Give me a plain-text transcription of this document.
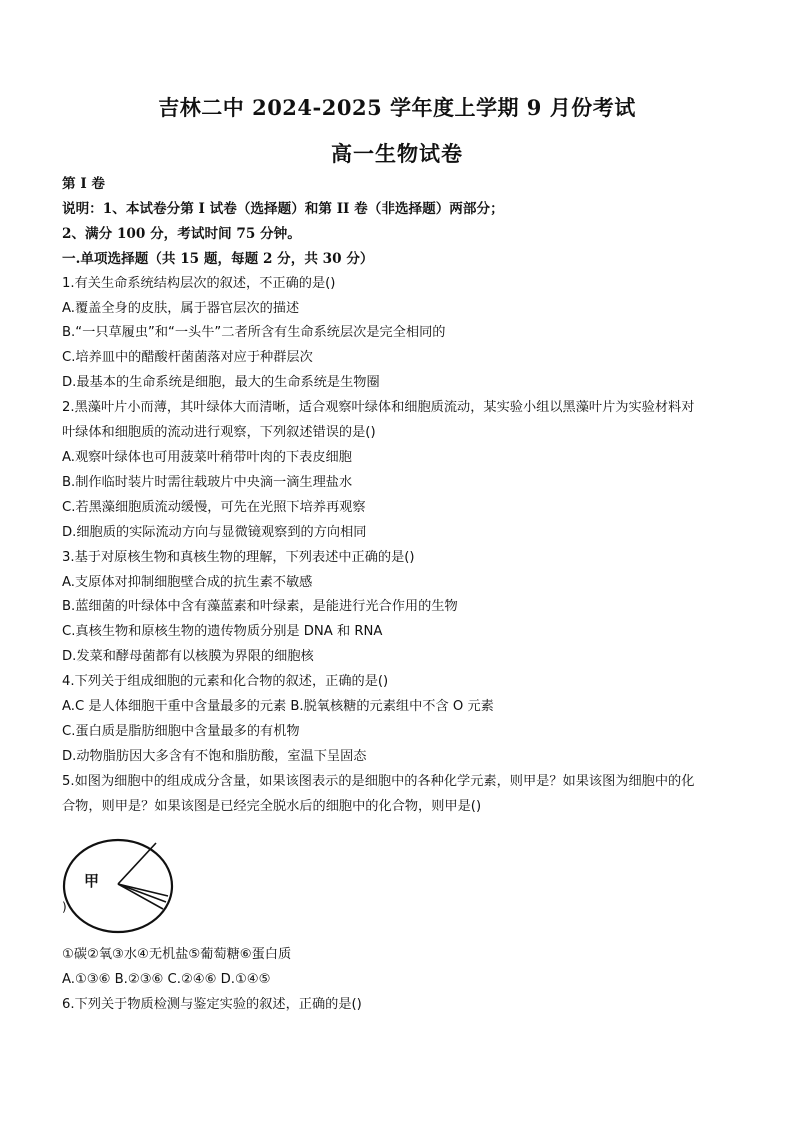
吉林二中 2024-2025 学年度上学期 9 月份考试
高一生物试卷
第 I 卷
说明：1、本试卷分第 I 试卷（选择题）和第 II 卷（非选择题）两部分；
2、满分 100 分，考试时间 75 分钟。
一.单项选择题（共 15 题，每题 2 分，共 30 分）
1.有关生命系统结构层次的叙述，不正确的是()
A.覆盖全身的皮肤，属于器官层次的描述
B.“一只草履虫”和“一头牛”二者所含有生命系统层次是完全相同的
C.培养皿中的醋酸杆菌菌落对应于种群层次
D.最基本的生命系统是细胞，最大的生命系统是生物圈
2.黑藻叶片小而薄，其叶绿体大而清晰，适合观察叶绿体和细胞质流动，某实验小组以黑藻叶片为实验材料对
叶绿体和细胞质的流动进行观察，下列叙述错误的是()
A.观察叶绿体也可用菠菜叶稍带叶肉的下表皮细胞
B.制作临时装片时需往载玻片中央滴一滴生理盐水
C.若黑藻细胞质流动缓慢，可先在光照下培养再观察
D.细胞质的实际流动方向与显微镜观察到的方向相同
3.基于对原核生物和真核生物的理解，下列表述中正确的是()
A.支原体对抑制细胞壁合成的抗生素不敏感
B.蓝细菌的叶绿体中含有藻蓝素和叶绿素，是能进行光合作用的生物
C.真核生物和原核生物的遗传物质分别是 DNA 和 RNA
D.发菜和酵母菌都有以核膜为界限的细胞核
4.下列关于组成细胞的元素和化合物的叙述，正确的是()
A.C 是人体细胞干重中含量最多的元素 B.脱氧核糖的元素组中不含 O 元素
C.蛋白质是脂肪细胞中含量最多的有机物
D.动物脂肪因大多含有不饱和脂肪酸，室温下呈固态
5.如图为细胞中的组成成分含量，如果该图表示的是细胞中的各种化学元素，则甲是？如果该图为细胞中的化
合物，则甲是？如果该图是已经完全脱水后的细胞中的化合物，则甲是()
甲
)
①碳②氧③水④无机盐⑤葡萄糖⑥蛋白质
A.①③⑥ B.②③⑥ C.②④⑥ D.①④⑤
6.下列关于物质检测与鉴定实验的叙述，正确的是()
